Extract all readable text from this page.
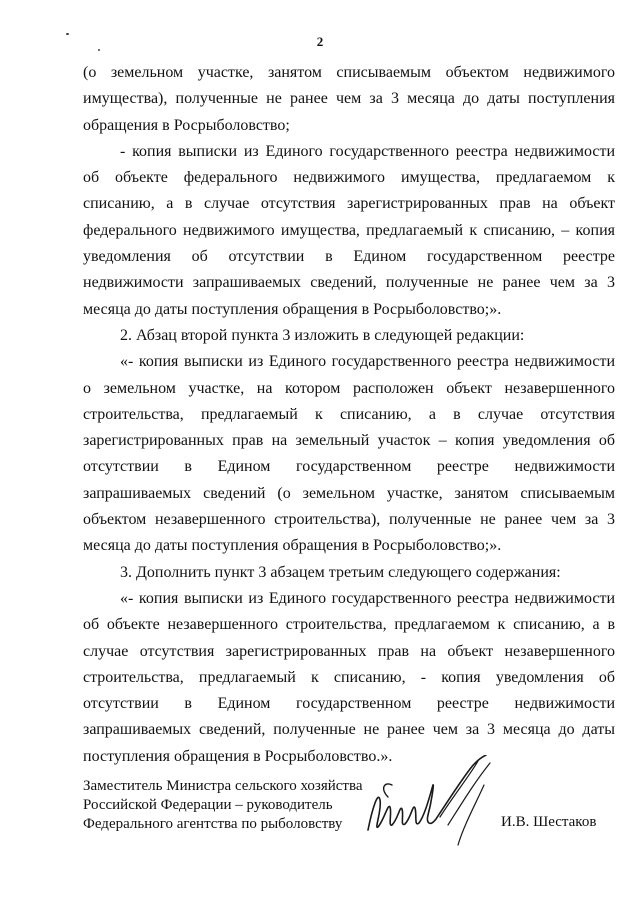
2

(о земельном участке, занятом списываемым объектом недвижимого имущества), полученные не ранее чем за 3 месяца до даты поступления обращения в Росрыболовство;

- копия выписки из Единого государственного реестра недвижимости об объекте федерального недвижимого имущества, предлагаемом к списанию, а в случае отсутствия зарегистрированных прав на объект федерального недвижимого имущества, предлагаемый к списанию, – копия уведомления об отсутствии в Едином государственном реестре недвижимости запрашиваемых сведений, полученные не ранее чем за 3 месяца до даты поступления обращения в Росрыболовство;».

2. Абзац второй пункта 3 изложить в следующей редакции:

«- копия выписки из Единого государственного реестра недвижимости о земельном участке, на котором расположен объект незавершенного строительства, предлагаемый к списанию, а в случае отсутствия зарегистрированных прав на земельный участок – копия уведомления об отсутствии в Едином государственном реестре недвижимости запрашиваемых сведений (о земельном участке, занятом списываемым объектом незавершенного строительства), полученные не ранее чем за 3 месяца до даты поступления обращения в Росрыболовство;».

3. Дополнить пункт 3 абзацем третьим следующего содержания:

«- копия выписки из Единого государственного реестра недвижимости об объекте незавершенного строительства, предлагаемом к списанию, а в случае отсутствия зарегистрированных прав на объект незавершенного строительства, предлагаемый к списанию, - копия уведомления об отсутствии в Едином государственном реестре недвижимости запрашиваемых сведений, полученные не ранее чем за 3 месяца до даты поступления обращения в Росрыболовство.».

Заместитель Министра сельского хозяйства
Российской Федерации – руководитель
Федерального агентства по рыболовству	И.В. Шестаков
